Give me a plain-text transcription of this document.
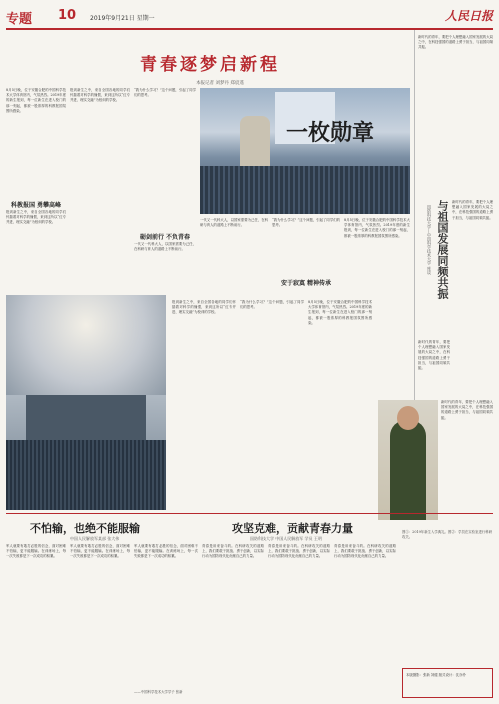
专题 10 2019年9月21日 星期一	人民日报
青春逐梦启新程
本报记者 刘梦丹 郑宸遥
8月5日晚，位于安徽合肥的中国科学技术大学体育馆内，气氛热烈。2019年度的新生报到，每一位新生在进入校门的那一刻起，都被一股浓厚的科教报国氛围所感染。
科教报国 勇攀高峰
报到新生之中，来自全国各地的同学们怀揣着对科学的憧憬，来到这所以“红专并进、理实交融”为校训的学校。
报到新生之中，来自全国各地的同学们怀揣着对科学的憧憬，来到这所以“红专并进、理实交融”为校训的学校。
“我为什么学习？”这个问题，引起了同学们的思考。
一枚勋章
砺剑前行 不负青春
一代又一代科大人，以国家需要为己任，在科研与育人的道路上不断前行。
一代又一代科大人，以国家需要为己任，在科研与育人的道路上不断前行。
安于寂寞 精神传承
“我为什么学习？”这个问题，引起了同学们的思考。
8月5日晚，位于安徽合肥的中国科学技术大学体育馆内，气氛热烈。2019年度的新生报到，每一位新生在进入校门的那一刻起，都被一股浓厚的科教报国氛围所感染。
报到新生之中，来自全国各地的同学们怀揣着对科学的憧憬，来到这所以“红专并进、理实交融”为校训的学校。
“我为什么学习？”这个问题，引起了同学们的思考。
8月5日晚，位于安徽合肥的中国科学技术大学体育馆内，气氛热烈。2019年度的新生报到，每一位新生在进入校门的那一刻起，都被一股浓厚的科教报国氛围所感染。
新时代的青年，要把个人理想融入国家发展的大局之中，在科技强国的道路上勇于担当，与祖国同频共振。
与祖国发展同频共振
国防科技大学—中国科学技术大学 座谈
新时代的青年，要把个人理想融入国家发展的大局之中，在科技强国的道路上勇于担当，与祖国同频共振。
新时代的青年，要把个人理想融入国家发展的大局之中，在科技强国的道路上勇于担当，与祖国同频共振。
新时代的青年，要把个人理想融入国家发展的大局之中，在科技强国的道路上勇于担当，与祖国同频共振。
不怕输，也绝不能服输
中国人民解放军某部 张大伟
军人就要有敢打必胜的信念，面对困难不怕输，更不能服输。在训练场上，每一次失败都是下一次成功的积累。
军人就要有敢打必胜的信念，面对困难不怕输，更不能服输。在训练场上，每一次失败都是下一次成功的积累。
军人就要有敢打必胜的信念，面对困难不怕输，更不能服输。在训练场上，每一次失败都是下一次成功的积累。
——中国科学技术大学学子 张新
攻坚克难，贡献青春力量
国防科技大学 中国人民解放军 学员 王明
青春是用来奋斗的。在科研攻关的道路上，我们要敢于挑战、勇于创新，以实际行动为国防现代化贡献自己的力量。
青春是用来奋斗的。在科研攻关的道路上，我们要敢于挑战、勇于创新，以实际行动为国防现代化贡献自己的力量。
青春是用来奋斗的。在科研攻关的道路上，我们要敢于挑战、勇于创新，以实际行动为国防现代化贡献自己的力量。
图①：2019年新生入学典礼。图②：学员在实验室进行科研攻关。
本版摄影：张新 刘健 版式设计：沈亦伶
